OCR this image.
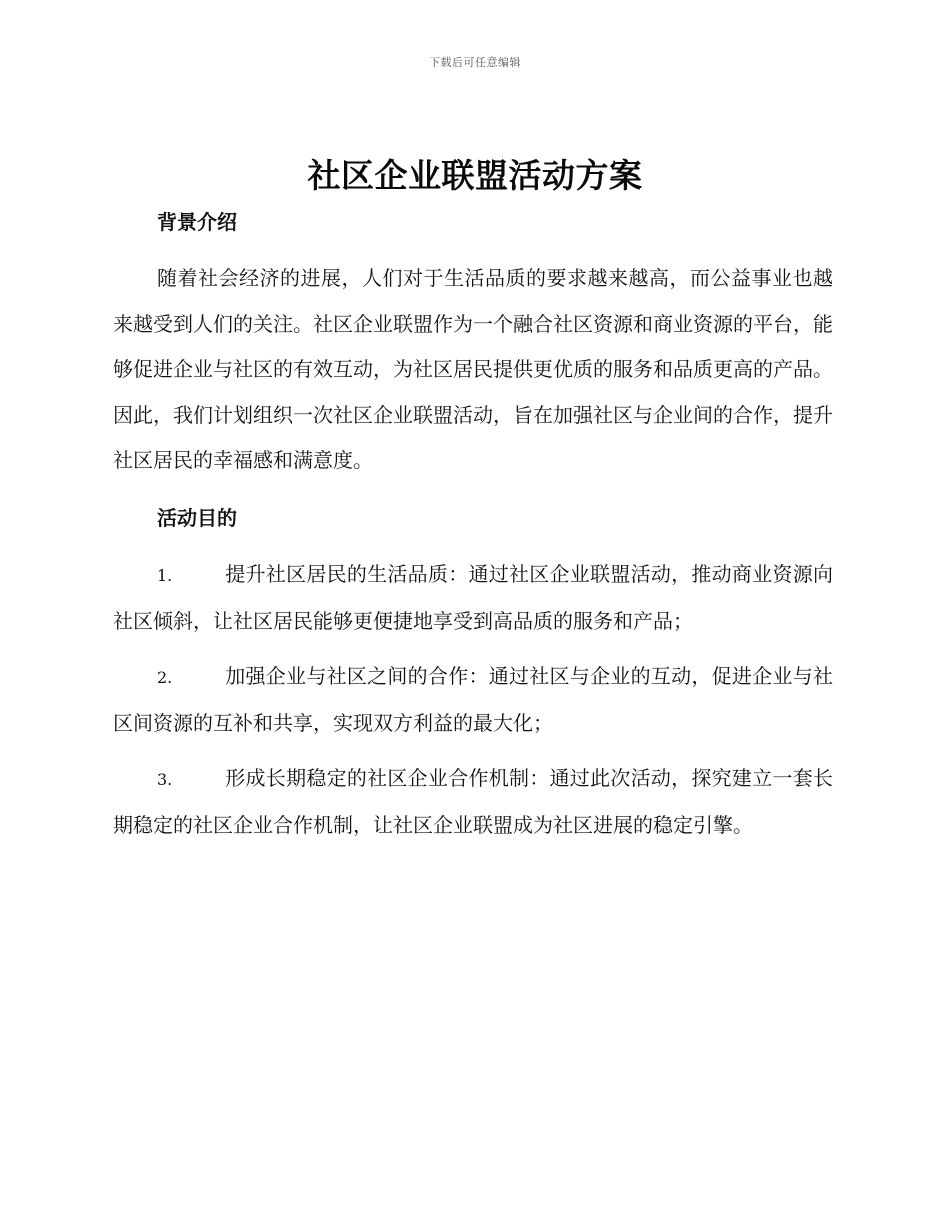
下载后可任意编辑
社区企业联盟活动方案
背景介绍

随着社会经济的进展，人们对于生活品质的要求越来越高，而公益事业也越来越受到人们的关注。社区企业联盟作为一个融合社区资源和商业资源的平台，能够促进企业与社区的有效互动，为社区居民提供更优质的服务和品质更高的产品。因此，我们计划组织一次社区企业联盟活动，旨在加强社区与企业间的合作，提升社区居民的幸福感和满意度。

活动目的
1.	提升社区居民的生活品质：通过社区企业联盟活动，推动商业资源向社区倾斜，让社区居民能够更便捷地享受到高品质的服务和产品；
2.	加强企业与社区之间的合作：通过社区与企业的互动，促进企业与社区间资源的互补和共享，实现双方利益的最大化；
3.	形成长期稳定的社区企业合作机制：通过此次活动，探究建立一套长期稳定的社区企业合作机制，让社区企业联盟成为社区进展的稳定引擎。
